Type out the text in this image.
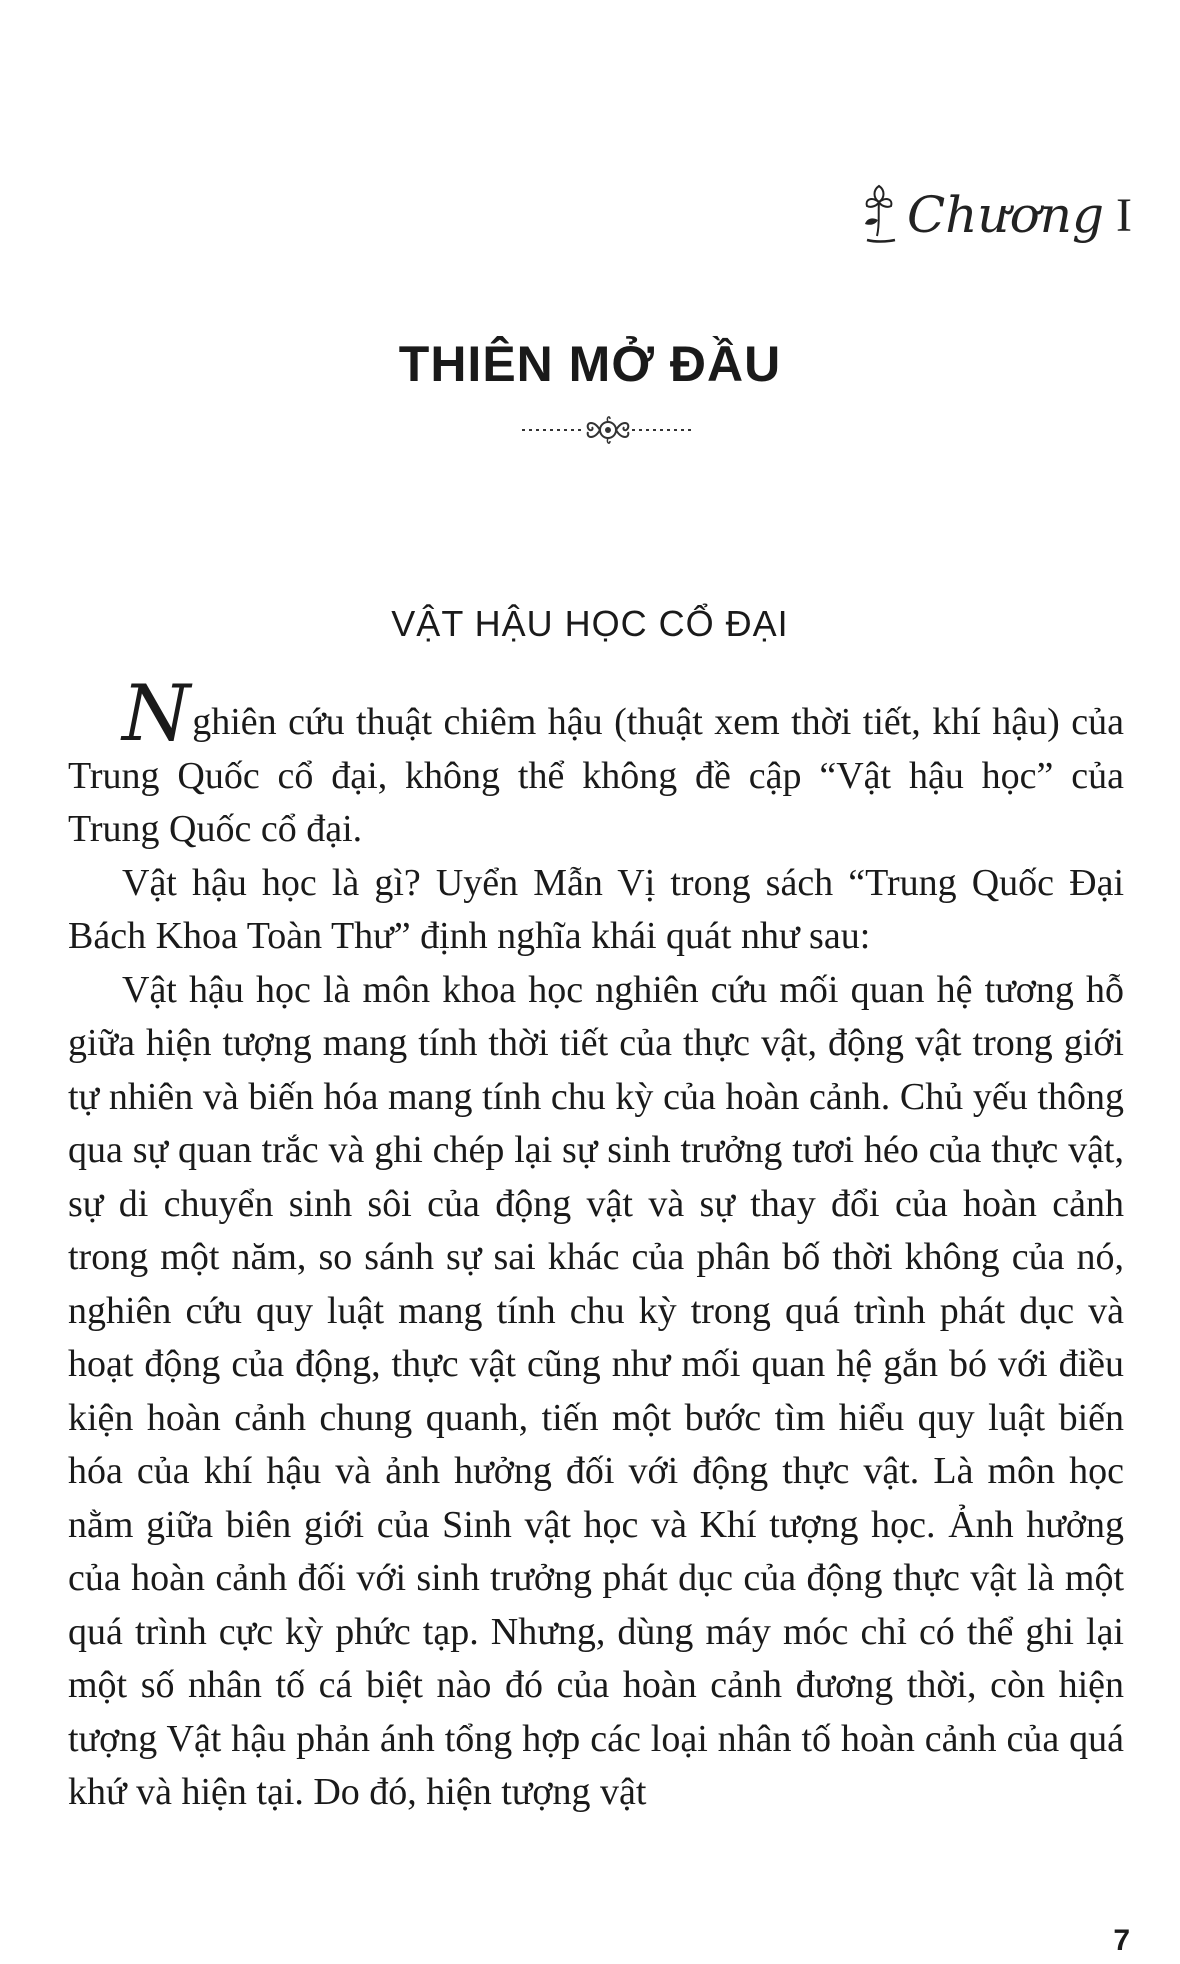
Chương I
THIÊN MỞ ĐẦU
VẬT HẬU HỌC CỔ ĐẠI

Nghiên cứu thuật chiêm hậu (thuật xem thời tiết, khí hậu) của Trung Quốc cổ đại, không thể không đề cập “Vật hậu học” của Trung Quốc cổ đại.

Vật hậu học là gì? Uyển Mẫn Vị trong sách “Trung Quốc Đại Bách Khoa Toàn Thư” định nghĩa khái quát như sau:

Vật hậu học là môn khoa học nghiên cứu mối quan hệ tương hỗ giữa hiện tượng mang tính thời tiết của thực vật, động vật trong giới tự nhiên và biến hóa mang tính chu kỳ của hoàn cảnh. Chủ yếu thông qua sự quan trắc và ghi chép lại sự sinh trưởng tươi héo của thực vật, sự di chuyển sinh sôi của động vật và sự thay đổi của hoàn cảnh trong một năm, so sánh sự sai khác của phân bố thời không của nó, nghiên cứu quy luật mang tính chu kỳ trong quá trình phát dục và hoạt động của động, thực vật cũng như mối quan hệ gắn bó với điều kiện hoàn cảnh chung quanh, tiến một bước tìm hiểu quy luật biến hóa của khí hậu và ảnh hưởng đối với động thực vật. Là môn học nằm giữa biên giới của Sinh vật học và Khí tượng học. Ảnh hưởng của hoàn cảnh đối với sinh trưởng phát dục của động thực vật là một quá trình cực kỳ phức tạp. Nhưng, dùng máy móc chỉ có thể ghi lại một số nhân tố cá biệt nào đó của hoàn cảnh đương thời, còn hiện tượng Vật hậu phản ánh tổng hợp các loại nhân tố hoàn cảnh của quá khứ và hiện tại. Do đó, hiện tượng vật

7
